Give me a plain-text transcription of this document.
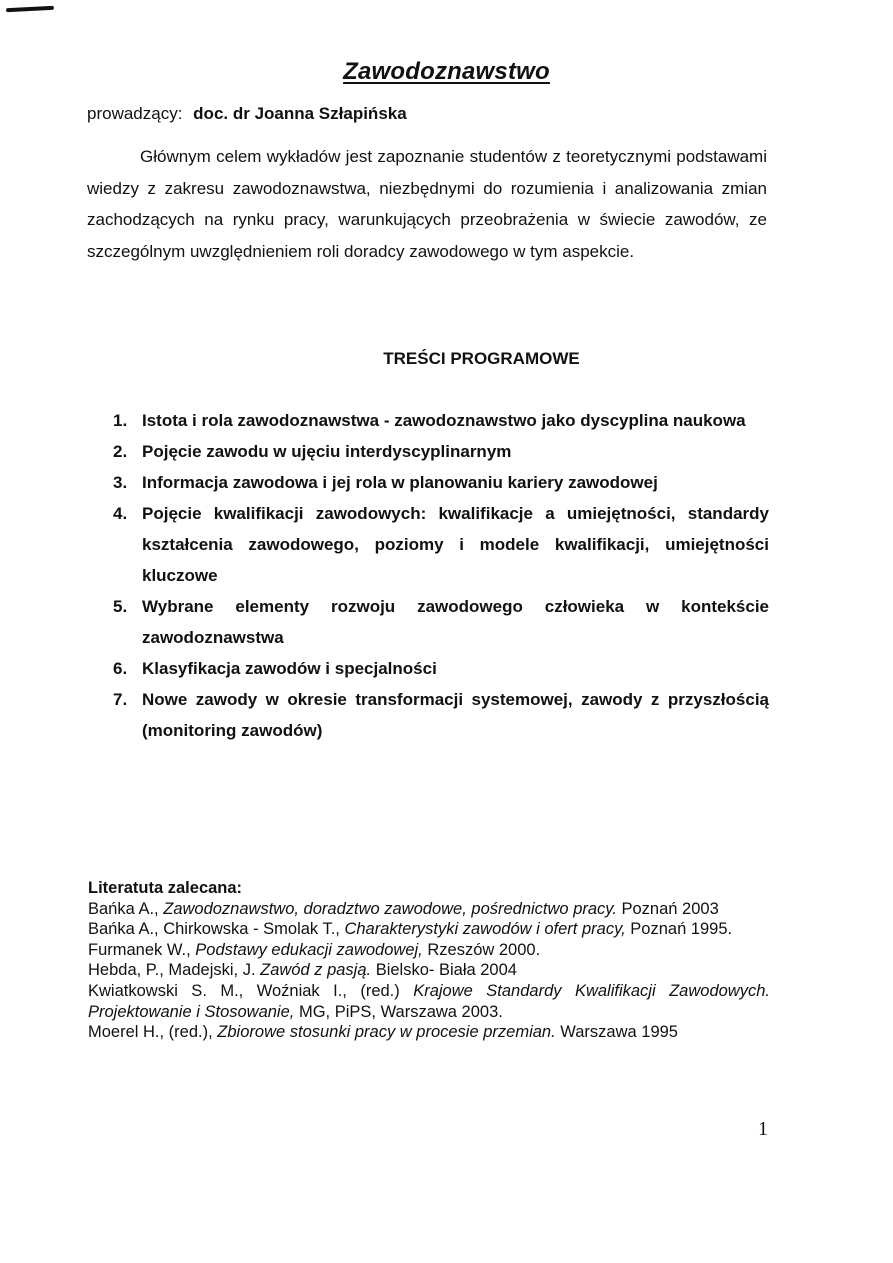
Zawodoznawstwo
prowadzący: doc. dr Joanna Szłapińska

Głównym celem wykładów jest zapoznanie studentów z teoretycznymi podstawami wiedzy z zakresu zawodoznawstwa, niezbędnymi do rozumienia i analizowania zmian zachodzących na rynku pracy, warunkujących przeobrażenia w świecie zawodów, ze szczególnym uwzględnieniem roli doradcy zawodowego w tym aspekcie.

TREŚCI PROGRAMOWE
1. Istota i rola zawodoznawstwa - zawodoznawstwo jako dyscyplina naukowa
2. Pojęcie zawodu w ujęciu interdyscyplinarnym
3. Informacja zawodowa i jej rola w planowaniu kariery zawodowej
4. Pojęcie kwalifikacji zawodowych: kwalifikacje a umiejętności, standardy kształcenia zawodowego, poziomy i modele kwalifikacji, umiejętności kluczowe
5. Wybrane elementy rozwoju zawodowego człowieka w kontekście zawodoznawstwa
6. Klasyfikacja zawodów i specjalności
7. Nowe zawody w okresie transformacji systemowej, zawody z przyszłością (monitoring zawodów)
Literatuta zalecana:
Bańka A., Zawodoznawstwo, doradztwo zawodowe, pośrednictwo pracy. Poznań 2003
Bańka A., Chirkowska - Smolak T., Charakterystyki zawodów i ofert pracy, Poznań 1995.
Furmanek W., Podstawy edukacji zawodowej, Rzeszów 2000.
Hebda, P., Madejski, J. Zawód z pasją. Bielsko- Biała 2004
Kwiatkowski S. M., Woźniak I., (red.) Krajowe Standardy Kwalifikacji Zawodowych. Projektowanie i Stosowanie, MG, PiPS, Warszawa 2003.
Moerel H., (red.), Zbiorowe stosunki pracy w procesie przemian. Warszawa 1995
1
